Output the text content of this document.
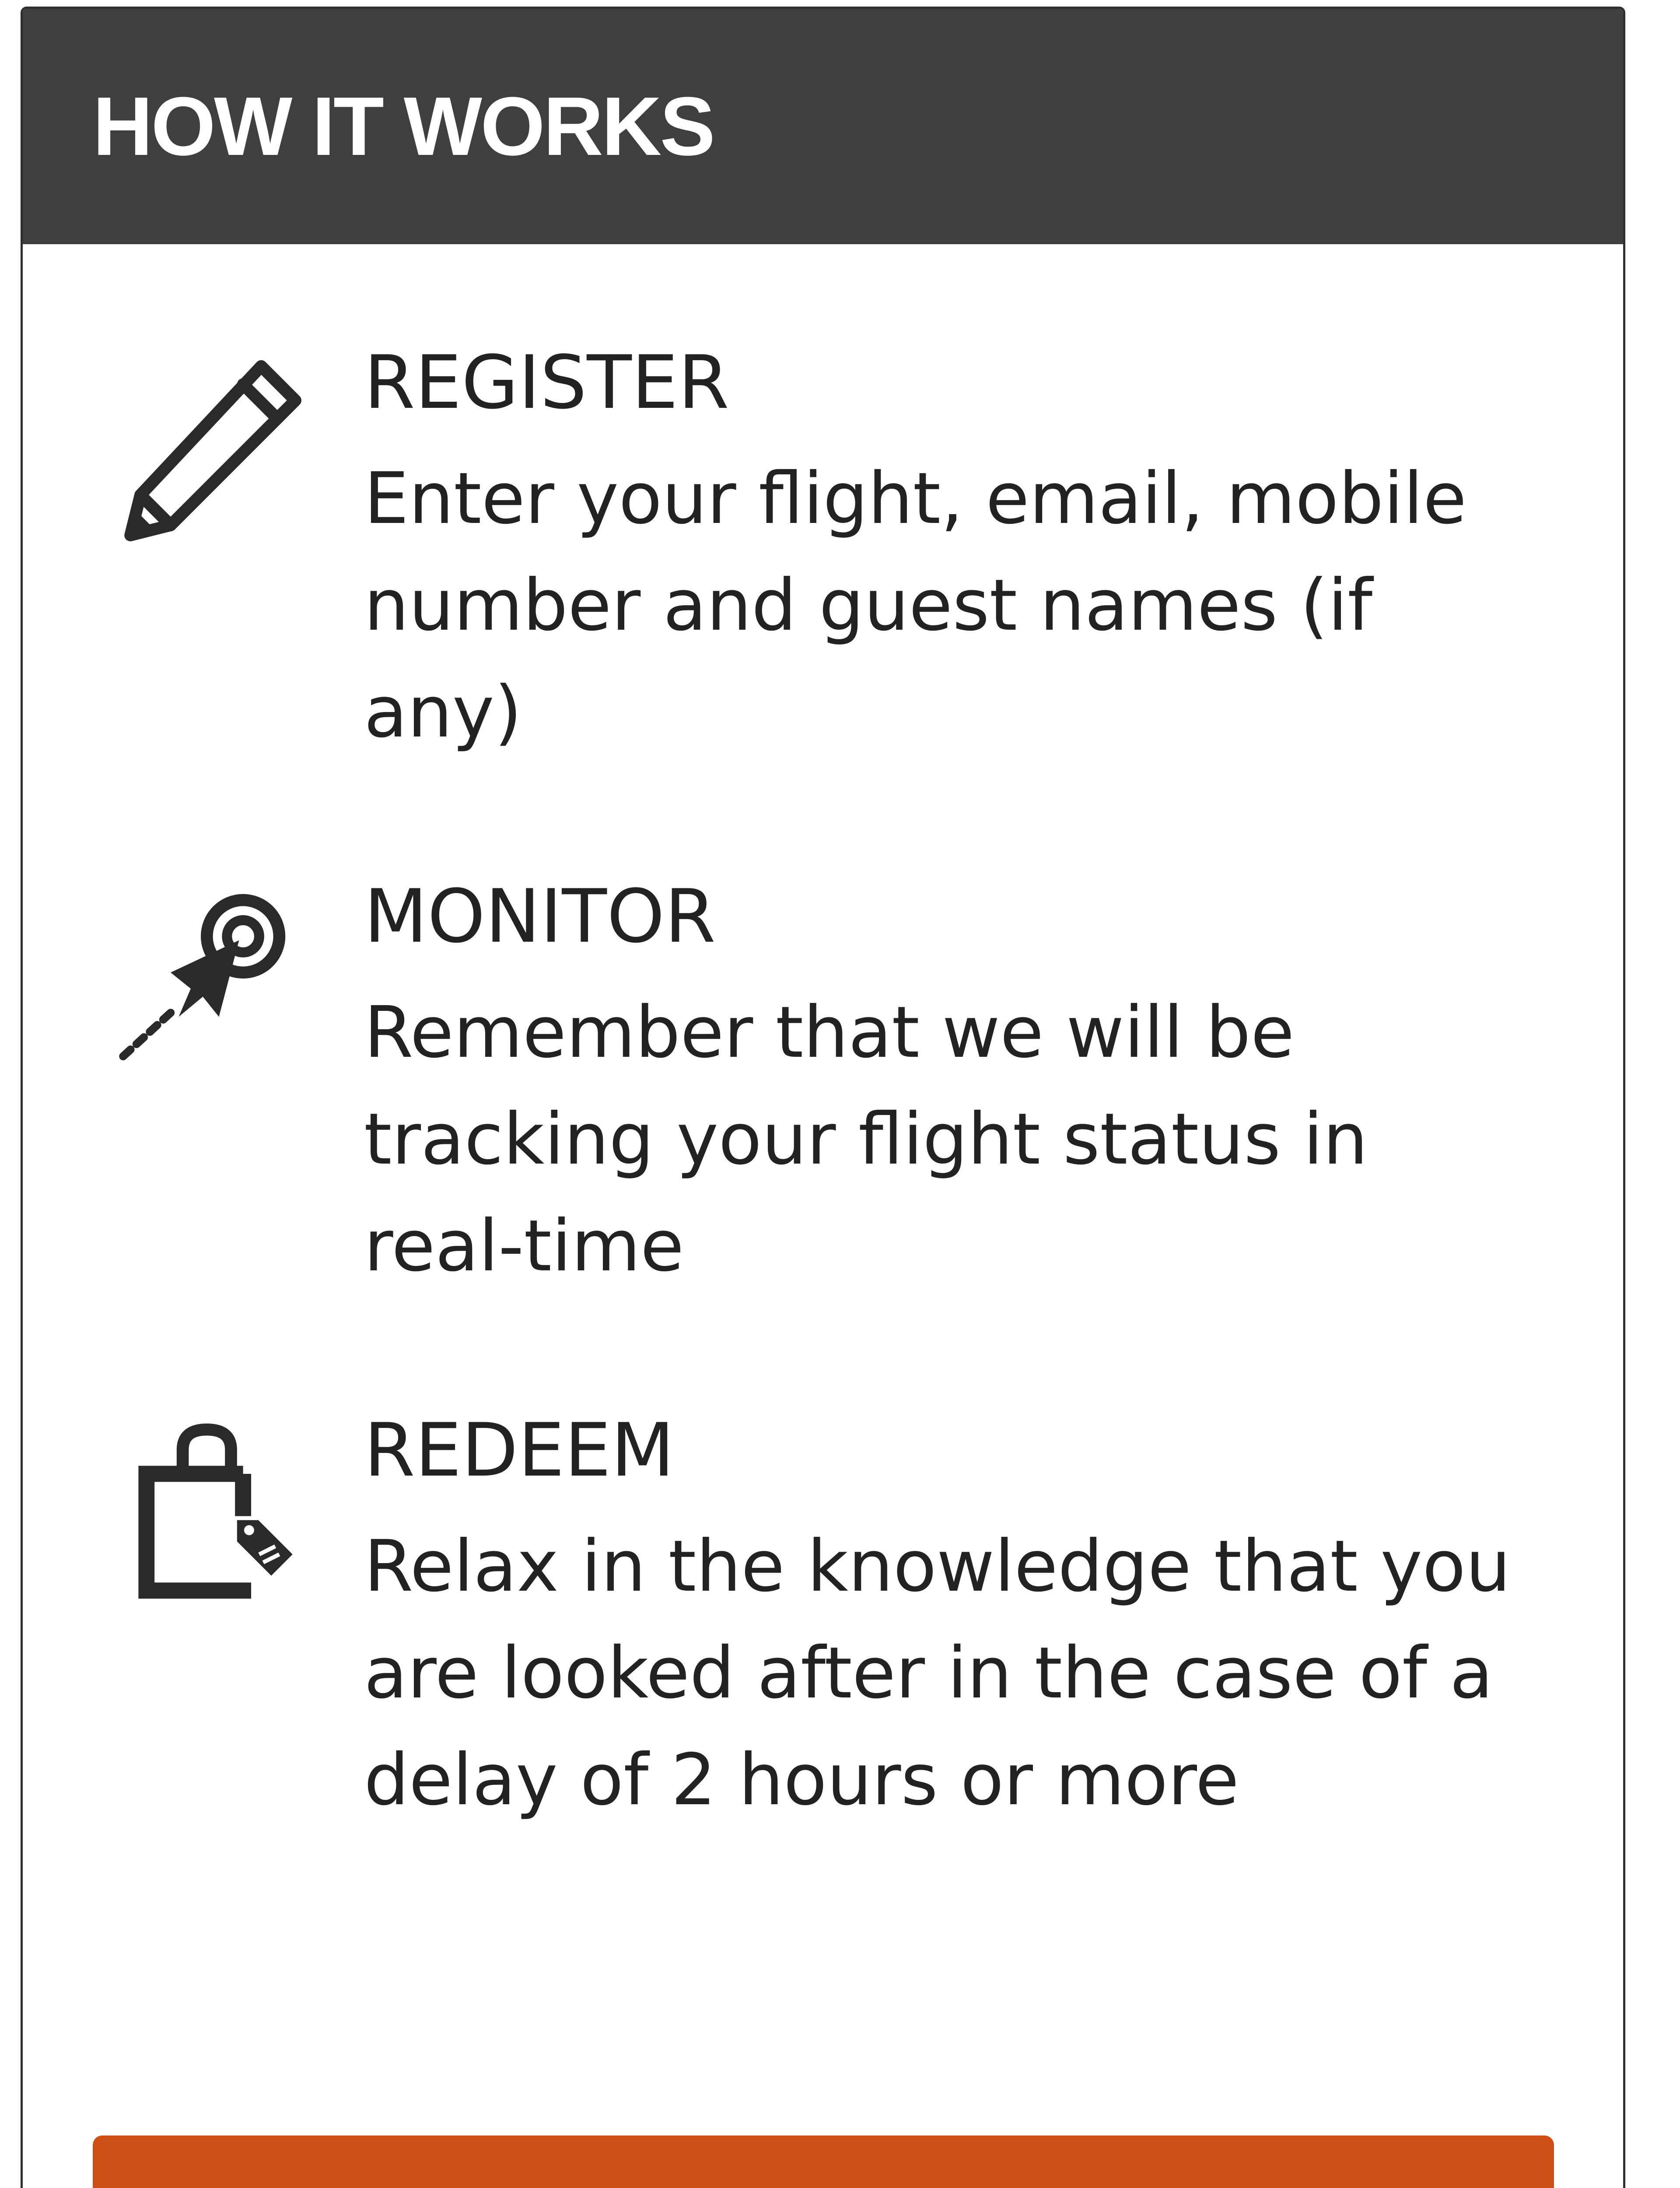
HOW IT WORKS
REGISTER
Enter your flight, email, mobile number and guest names (if any)
MONITOR
Remember that we will be tracking your flight status in real-time
REDEEM
Relax in the knowledge that you are looked after in the case of a delay of 2 hours or more
